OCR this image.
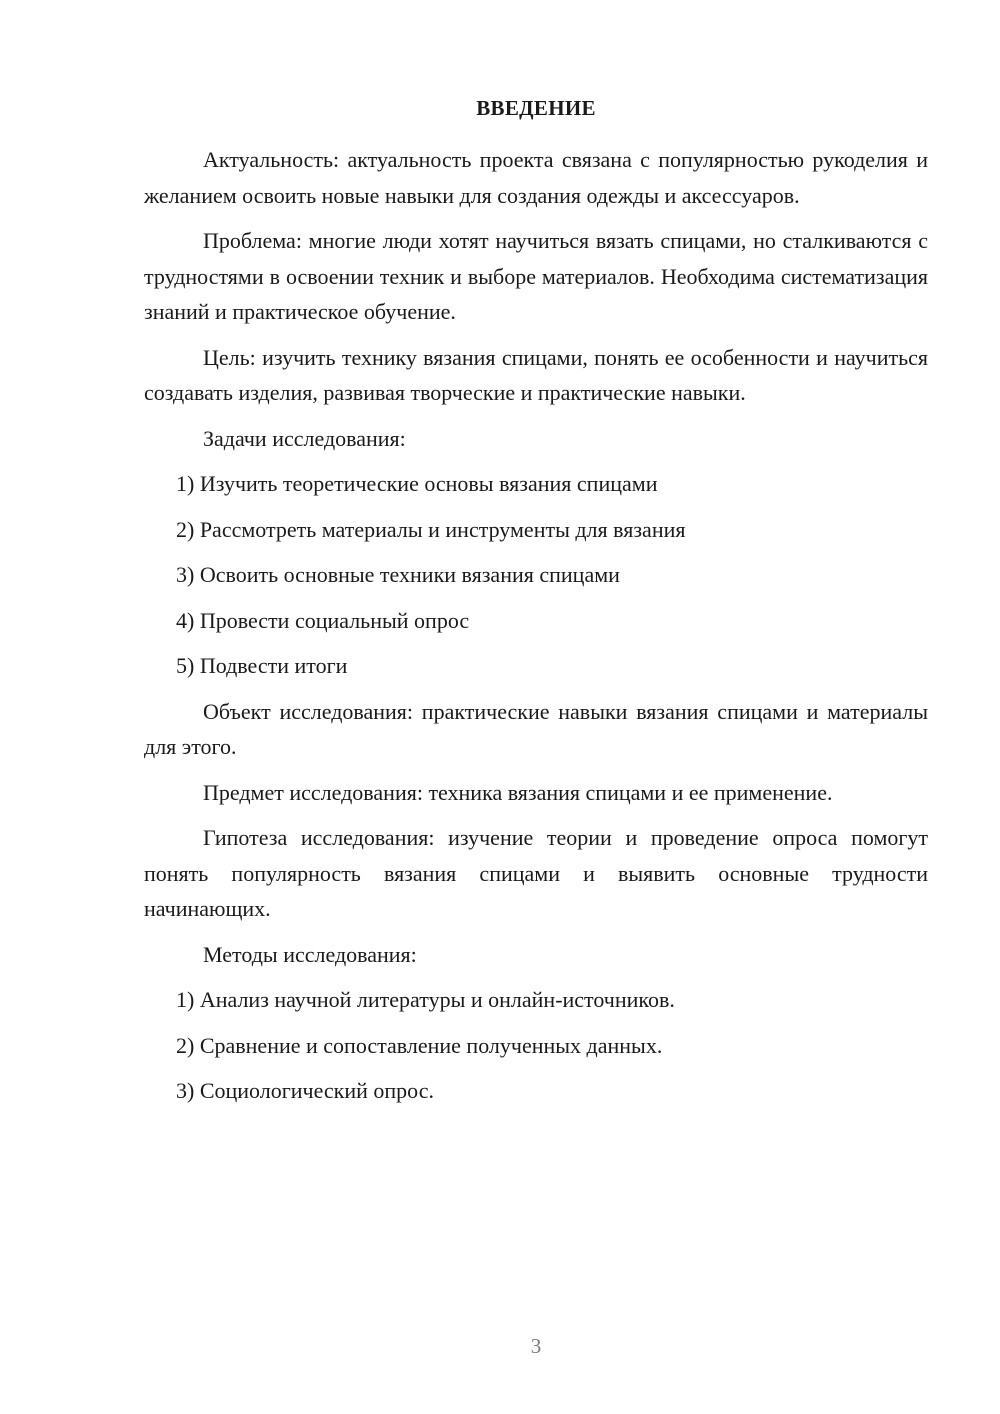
ВВЕДЕНИЕ

Актуальность: актуальность проекта связана с популярностью рукоделия и желанием освоить новые навыки для создания одежды и аксессуаров.

Проблема: многие люди хотят научиться вязать спицами, но сталкиваются с трудностями в освоении техник и выборе материалов. Необходима систематизация знаний и практическое обучение.

Цель: изучить технику вязания спицами, понять ее особенности и научиться создавать изделия, развивая творческие и практические навыки.

Задачи исследования:

1) Изучить теоретические основы вязания спицами

2) Рассмотреть материалы и инструменты для вязания

3) Освоить основные техники вязания спицами

4) Провести социальный опрос

5) Подвести итоги

Объект исследования: практические навыки вязания спицами и материалы для этого.

Предмет исследования: техника вязания спицами и ее применение.

Гипотеза исследования: изучение теории и проведение опроса помогут понять популярность вязания спицами и выявить основные трудности начинающих.

Методы исследования:

1) Анализ научной литературы и онлайн-источников.

2) Сравнение и сопоставление полученных данных.

3) Социологический опрос.

3
